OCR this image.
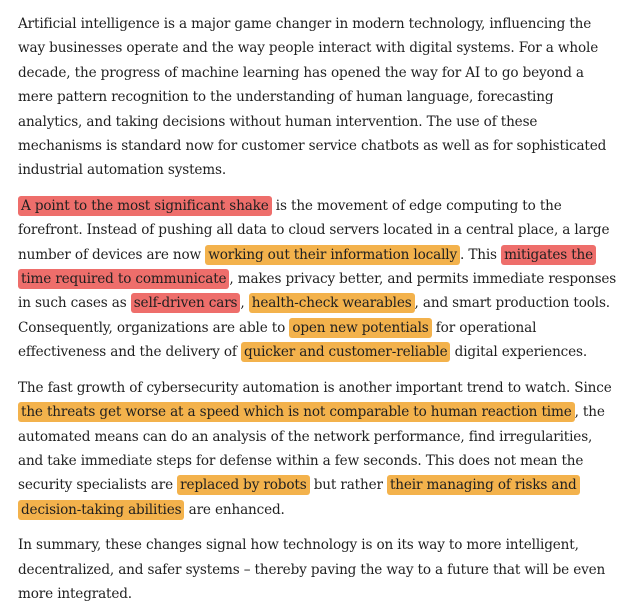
Artificial intelligence is a major game changer in modern technology, influencing the way businesses operate and the way people interact with digital systems. For a whole decade, the progress of machine learning has opened the way for AI to go beyond a mere pattern recognition to the understanding of human language, forecasting analytics, and taking decisions without human intervention. The use of these mechanisms is standard now for customer service chatbots as well as for sophisticated industrial automation systems.

A point to the most significant shake is the movement of edge computing to the forefront. Instead of pushing all data to cloud servers located in a central place, a large number of devices are now working out their information locally . This mitigates the time required to communicate , makes privacy better, and permits immediate responses in such cases as self-driven cars , health-check wearables , and smart production tools. Consequently, organizations are able to open new potentials for operational effectiveness and the delivery of quicker and customer-reliable digital experiences.

The fast growth of cybersecurity automation is another important trend to watch. Since the threats get worse at a speed which is not comparable to human reaction time , the automated means can do an analysis of the network performance, find irregularities, and take immediate steps for defense within a few seconds. This does not mean the security specialists are replaced by robots but rather their managing of risks and decision-taking abilities are enhanced.

In summary, these changes signal how technology is on its way to more intelligent, decentralized, and safer systems – thereby paving the way to a future that will be even more integrated.
